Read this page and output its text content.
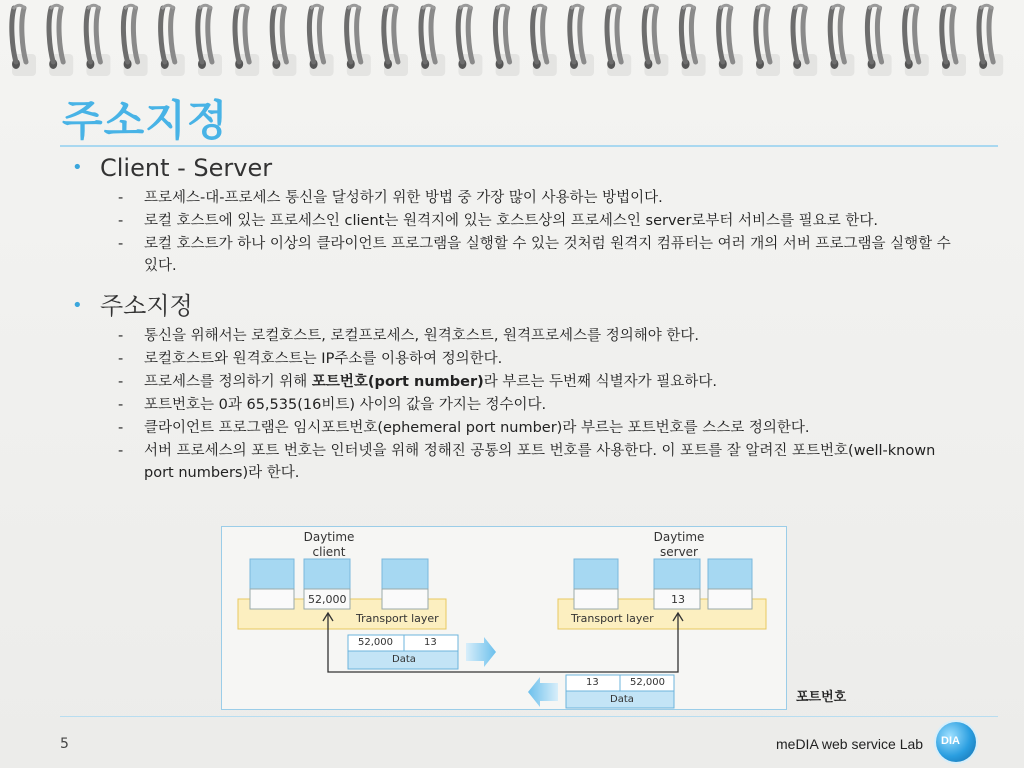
주소지정
• Client - Server
- 프로세스-대-프로세스 통신을 달성하기 위한 방법 중 가장 많이 사용하는 방법이다.
- 로컬 호스트에 있는 프로세스인 client는 원격지에 있는 호스트상의 프로세스인 server로부터 서비스를 필요로 한다.
- 로컬 호스트가 하나 이상의 클라이언트 프로그램을 실행할 수 있는 것처럼 원격지 컴퓨터는 여러 개의 서버 프로그램을 실행할 수 있다.
• 주소지정
- 통신을 위해서는 로컬호스트, 로컬프로세스, 원격호스트, 원격프로세스를 정의해야 한다.
- 로컬호스트와 원격호스트는 IP주소를 이용하여 정의한다.
- 프로세스를 정의하기 위해 포트번호(port number)라 부르는 두번째 식별자가 필요하다.
- 포트번호는 0과 65,535(16비트) 사이의 값을 가지는 정수이다.
- 클라이언트 프로그램은 임시포트번호(ephemeral port number)라 부르는 포트번호를 스스로 정의한다.
- 서버 프로세스의 포트 번호는 인터넷을 위해 정해진 공통의 포트 번호를 사용한다. 이 포트를 잘 알려진 포트번호(well-known port numbers)라 한다.
Daytime
client
Daytime
server
52,000	13
Transport layer	Transport layer
52,000	13
Data
13	52,000
Data	포트번호
5	meDIA web service Lab DIA
